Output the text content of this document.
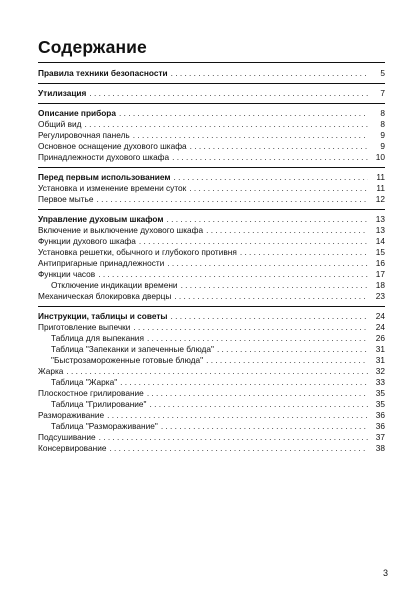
Содержание
Правила техники безопасности . . .	5
Утилизация . . .	7
Описание прибора . . .	8
Общий вид . . .	8
Регулировочная панель . . .	9
Основное оснащение духового шкафа . . .	9
Принадлежности духового шкафа . . .	10
Перед первым использованием . . .	11
Установка и изменение времени суток . . .	11
Первое мытье . . .	12
Управление духовым шкафом . . .	13
Включение и выключение духового шкафа . . .	13
Функции духового шкафа . . .	14
Установка решетки, обычного и глубокого противня . . .	15
Антипригарные принадлежности . . .	16
Функции часов . . .	17
Отключение индикации времени . . .	18
Механическая блокировка дверцы . . .	23
Инструкции, таблицы и советы . . .	24
Приготовление выпечки . . .	24
Таблица для выпекания . . .	26
Таблица "Запеканки и запеченные блюда" . . .	31
"Быстрозамороженные готовые блюда" . . .	31
Жарка . . .	32
Таблица "Жарка" . . .	33
Плоскостное грилирование . . .	35
Таблица "Грилирование" . . .	35
Размораживание . . .	36
Таблица "Размораживание" . . .	36
Подсушивание . . .	37
Консервирование . . .	38
3
